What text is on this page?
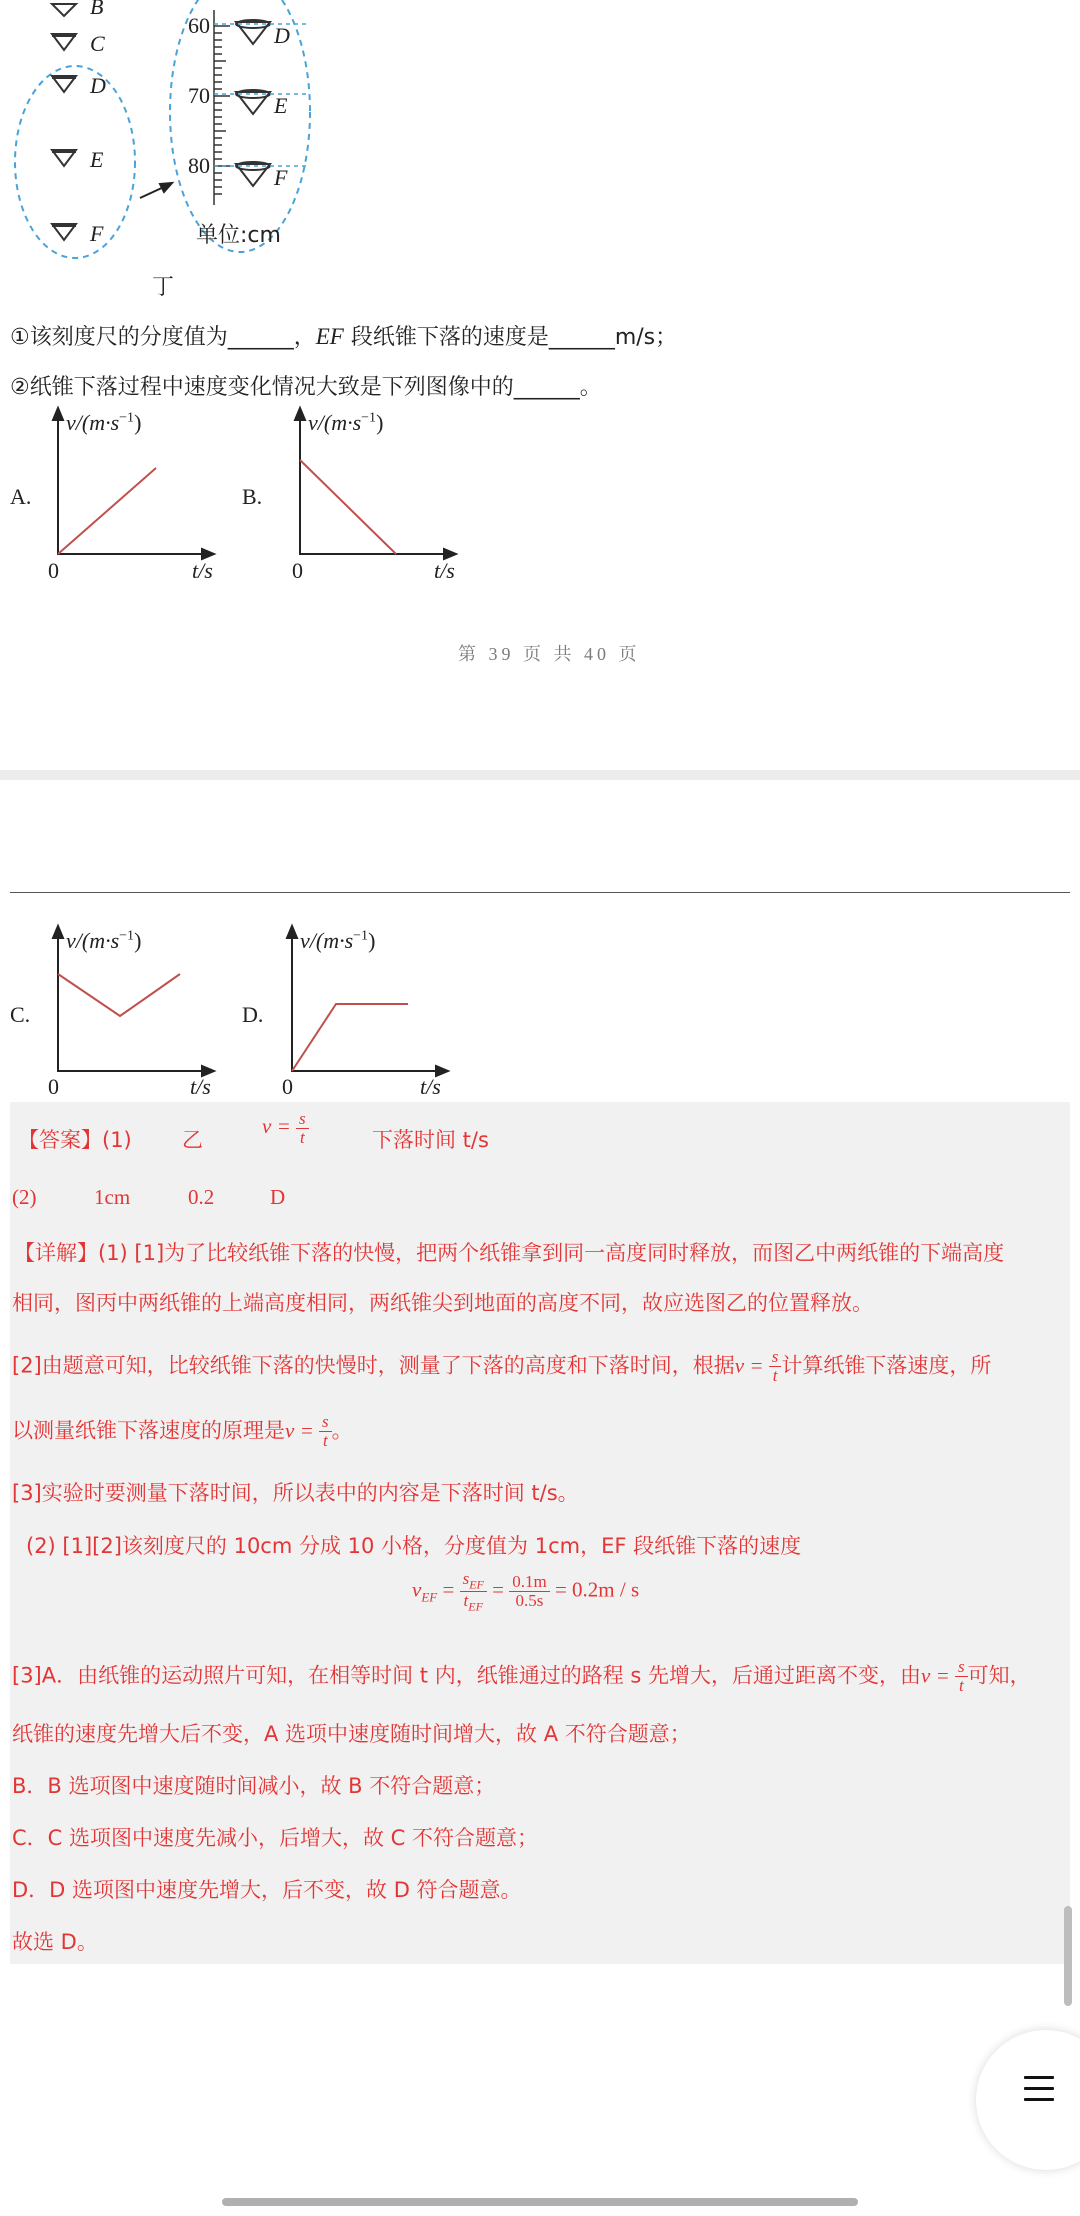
B
C
D
E
F
D
E
F
60
70
80
单位:cm
丁
①该刻度尺的分度值为______，EF 段纸锥下落的速度是______m/s；
②纸锥下落过程中速度变化情况大致是下列图像中的______。
$v/(m\cdot s^{-1})$
A.
0	t/s
$v/(m\cdot s^{-1})$
B.
0	t/s
第 39 页 共 40 页
$v/(m\cdot s^{-1})$
C.
0	t/s
$v/(m\cdot s^{-1})$
D.
0	t/s
【答案】(1) 乙
$v = \frac{s}{t}$	下落时间 t/s
(2)	1cm	0.2	D
【详解】(1) [1]为了比较纸锥下落的快慢，把两个纸锥拿到同一高度同时释放，而图乙中两纸锥的下端高度
相同，图丙中两纸锥的上端高度相同，两纸锥尖到地面的高度不同，故应选图乙的位置释放。
[2]由题意可知，比较纸锥下落的快慢时，测量了下落的高度和下落时间，根据$v = \frac{s}{t}$ 计算纸锥下落速度，所
以测量纸锥下落速度的原理是$v = \frac{s}{t}$ 。
[3]实验时要测量下落时间，所以表中的内容是下落时间 t/s。
(2) [1][2]该刻度尺的 10cm 分成 10 小格，分度值为 1cm，EF 段纸锥下落的速度
$v_{EF} = \frac{s_{EF}}{t_{EF}} = \frac{0.1m}{0.5s} = 0.2m / s$
[3]A．由纸锥的运动照片可知，在相等时间 t 内，纸锥通过的路程 s 先增大，后通过距离不变，由$v = \frac{s}{t}$ 可知，
纸锥的速度先增大后不变，A 选项中速度随时间增大，故 A 不符合题意；
B．B 选项图中速度随时间减小，故 B 不符合题意；
C．C 选项图中速度先减小，后增大，故 C 不符合题意；
D．D 选项图中速度先增大，后不变，故 D 符合题意。
故选 D。
